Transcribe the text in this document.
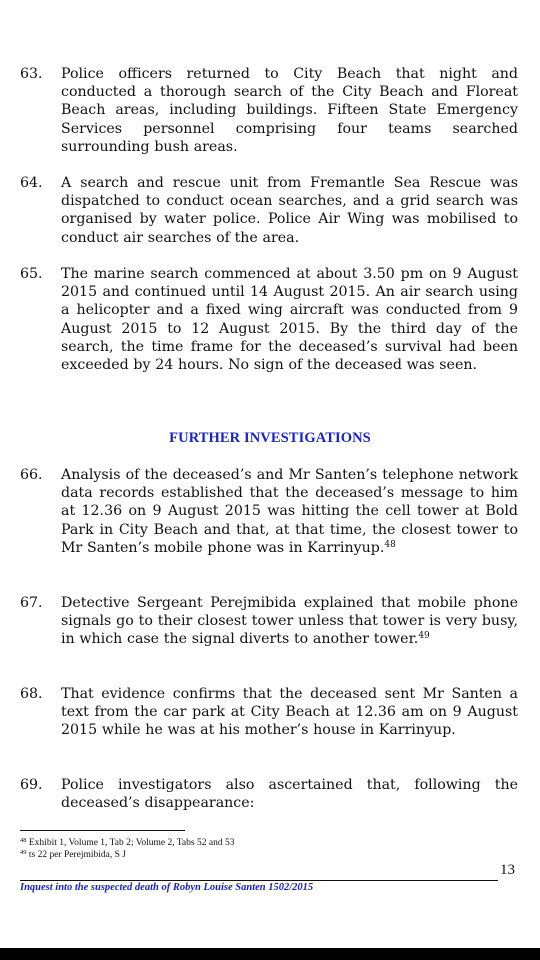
63.	Police officers returned to City Beach that night and conducted a thorough search of the City Beach and Floreat Beach areas, including buildings. Fifteen State Emergency Services personnel comprising four teams searched surrounding bush areas.
64.	A search and rescue unit from Fremantle Sea Rescue was dispatched to conduct ocean searches, and a grid search was organised by water police. Police Air Wing was mobilised to conduct air searches of the area.
65.	The marine search commenced at about 3.50 pm on 9 August 2015 and continued until 14 August 2015. An air search using a helicopter and a fixed wing aircraft was conducted from 9 August 2015 to 12 August 2015. By the third day of the search, the time frame for the deceased’s survival had been exceeded by 24 hours. No sign of the deceased was seen.
FURTHER INVESTIGATIONS
66.	Analysis of the deceased’s and Mr Santen’s telephone network data records established that the deceased’s message to him at 12.36 on 9 August 2015 was hitting the cell tower at Bold Park in City Beach and that, at that time, the closest tower to Mr Santen’s mobile phone was in Karrinyup.$^{48}$
67.	Detective Sergeant Perejmibida explained that mobile phone signals go to their closest tower unless that tower is very busy, in which case the signal diverts to another tower.$^{49}$
68.	That evidence confirms that the deceased sent Mr Santen a text from the car park at City Beach at 12.36 am on 9 August 2015 while he was at his mother’s house in Karrinyup.
69.	Police investigators also ascertained that, following the deceased’s disappearance:
$^{48}$ Exhibit 1, Volume 1, Tab 2; Volume 2, Tabs 52 and 53
$^{49}$ ts 22 per Perejmibida, S J
13
Inquest into the suspected death of Robyn Louise Santen 1502/2015
